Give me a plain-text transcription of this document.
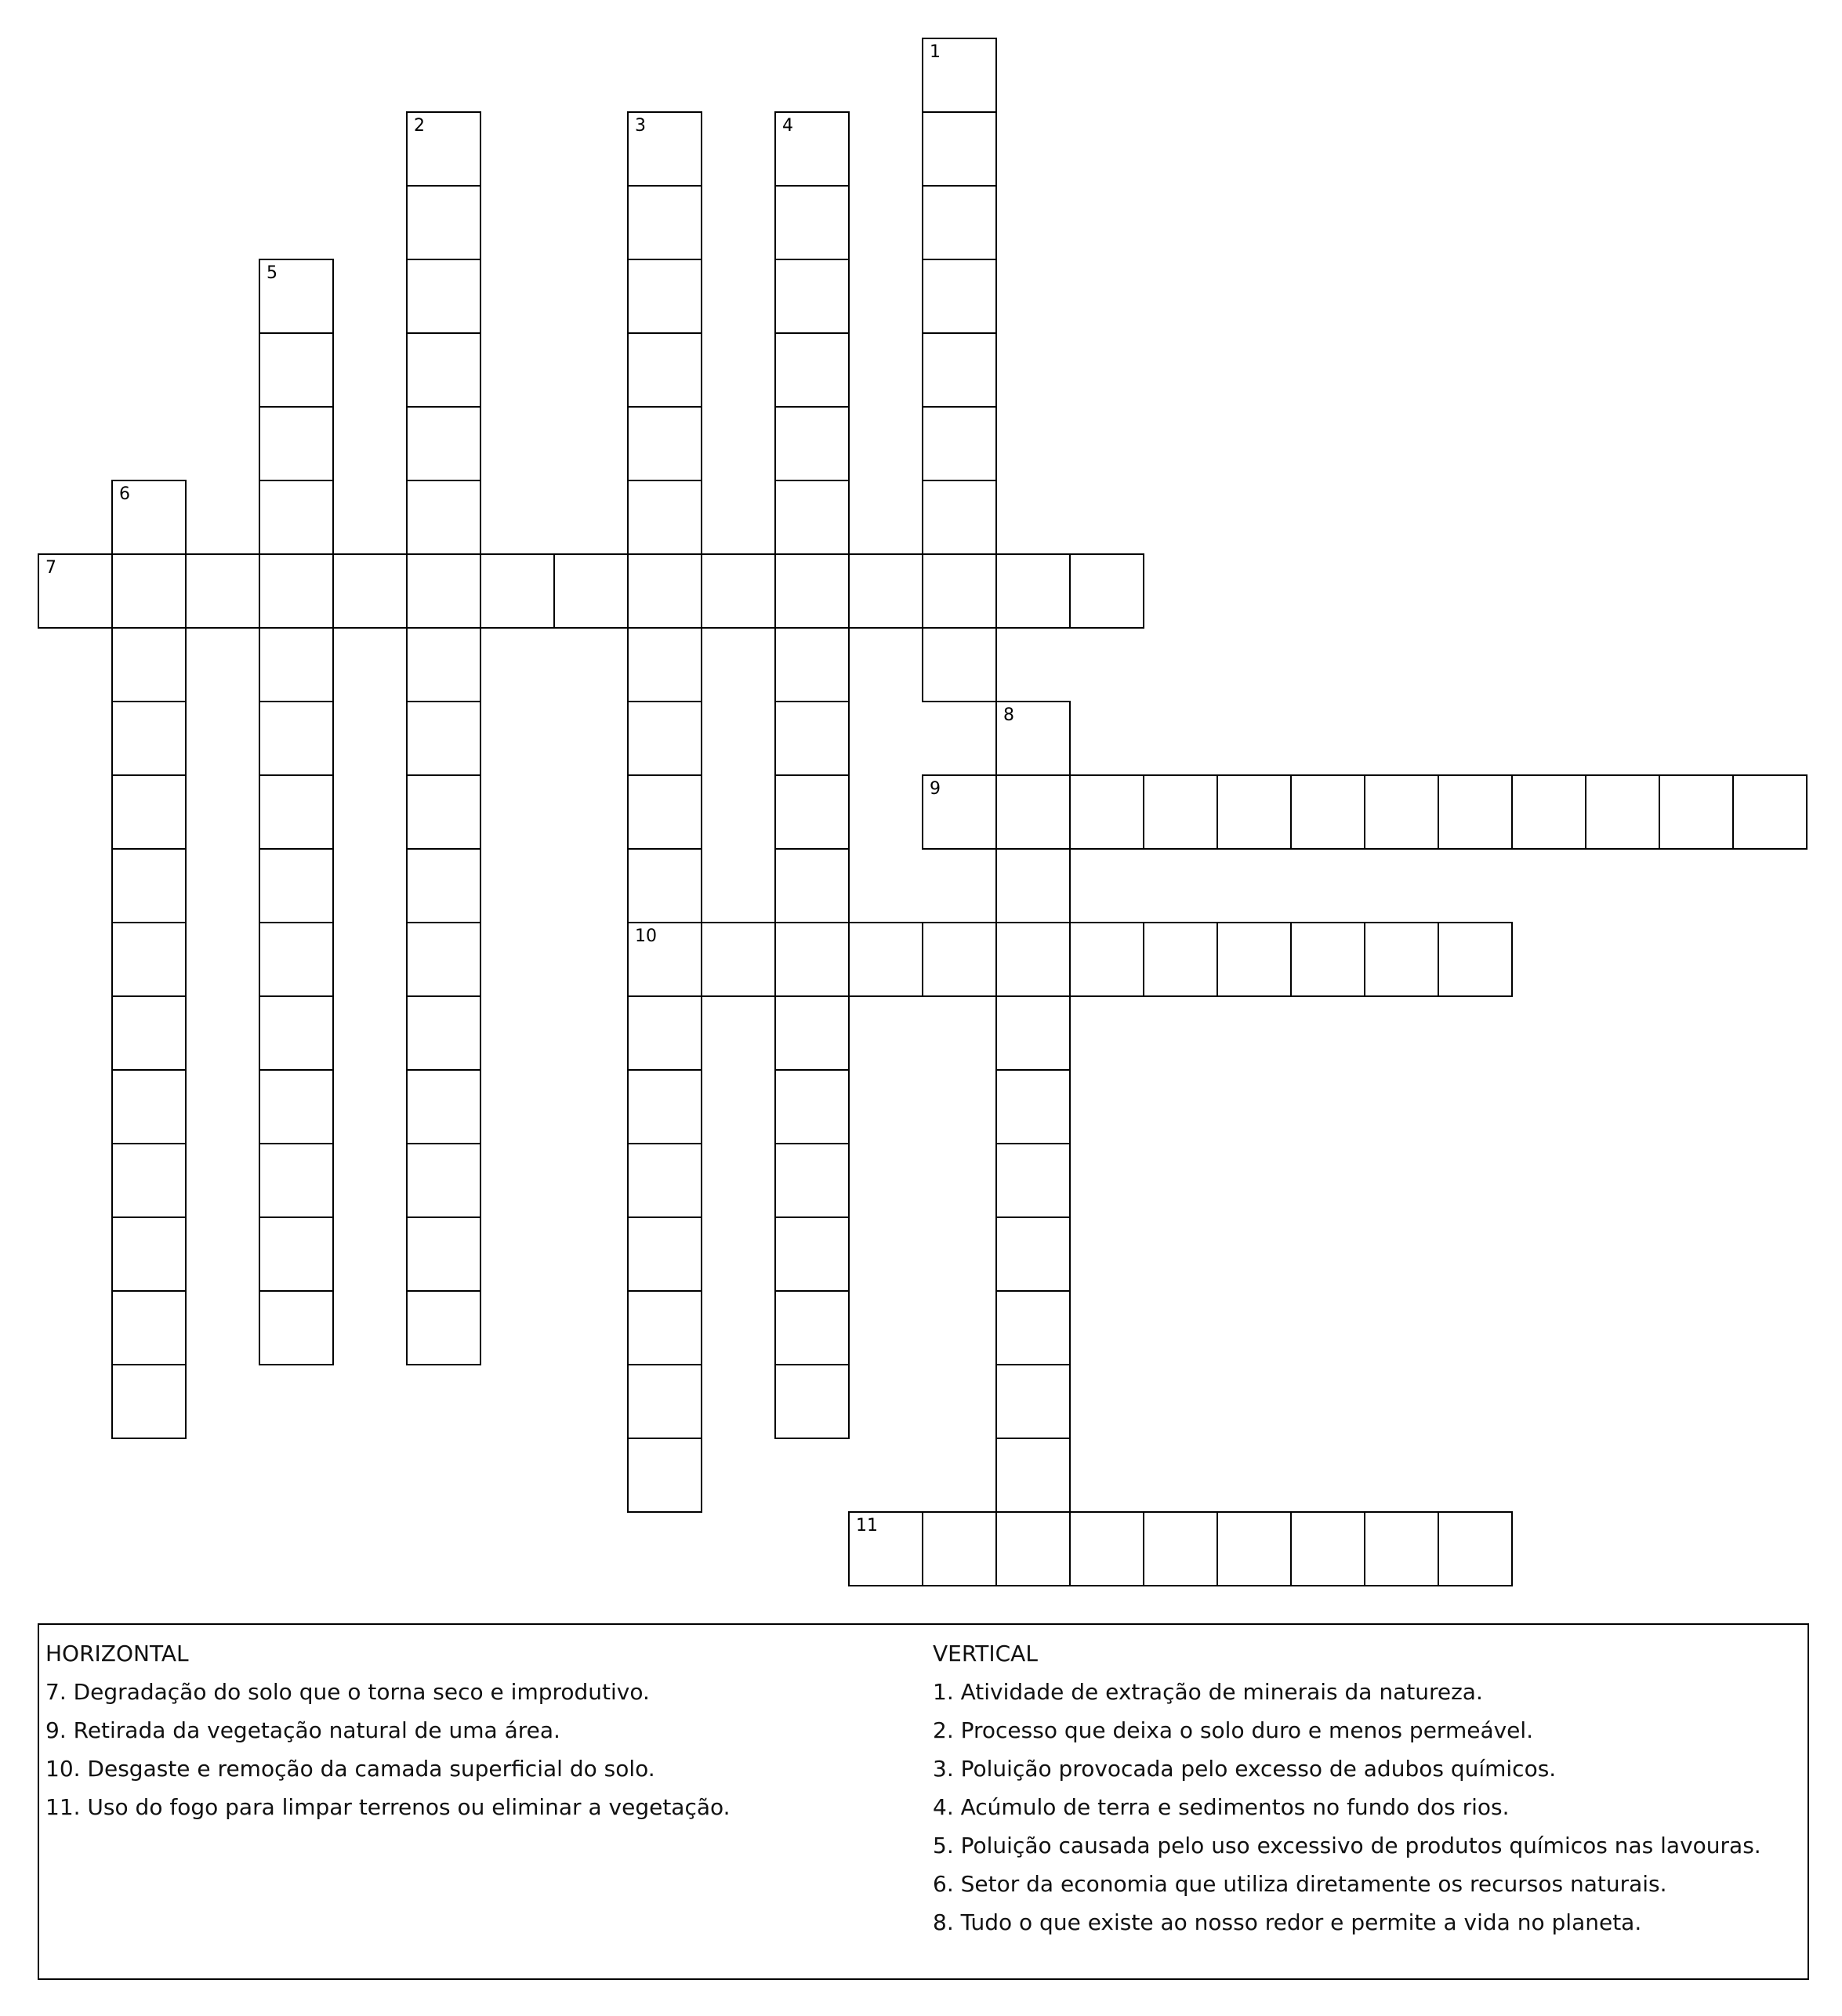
1
2	3
10
4
5
6
7
8
9
11
HORIZONTAL
7. Degradação do solo que o torna seco e improdutivo.
9. Retirada da vegetação natural de uma área.
10. Desgaste e remoção da camada superficial do solo.
11. Uso do fogo para limpar terrenos ou eliminar a vegetação.
VERTICAL
1. Atividade de extração de minerais da natureza.
2. Processo que deixa o solo duro e menos permeável.
3. Poluição provocada pelo excesso de adubos químicos.
4. Acúmulo de terra e sedimentos no fundo dos rios.
5. Poluição causada pelo uso excessivo de produtos químicos nas lavouras.
6. Setor da economia que utiliza diretamente os recursos naturais.
8. Tudo o que existe ao nosso redor e permite a vida no planeta.
